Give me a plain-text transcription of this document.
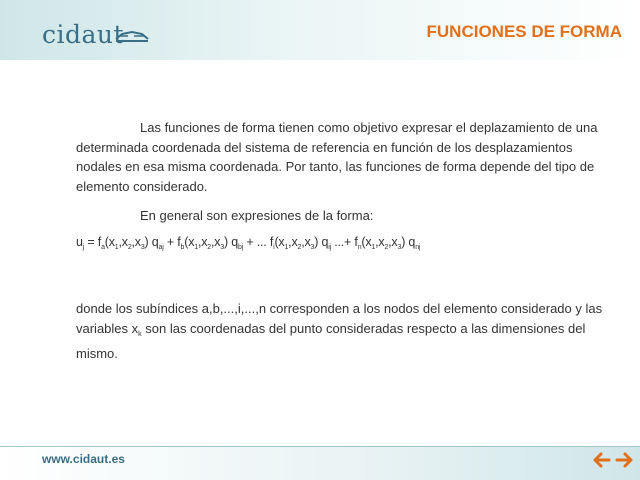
cidaut	FUNCIONES DE FORMA

Las funciones de forma tienen como objetivo expresar el deplazamiento de una determinada coordenada del sistema de referencia en función de los desplazamientos nodales en esa misma coordenada. Por tanto, las funciones de forma depende del tipo de elemento considerado.

En general son expresiones de la forma:
$u_j = f_a(x_1,x_2,x_3) q_{aj} + f_b(x_1,x_2,x_3) q_{bj}$ + ... $f_i(x_1,x_2,x_3)$ $q_{ij}$ ...+ $f_n(x_1,x_2,x_3)$ $q_{nj}$
donde los subíndices a,b,...,i,...,n corresponden a los nodos del elemento considerado y las variables $x_k$ son las coordenadas del punto consideradas respecto a las dimensiones del mismo.
www.cidaut.es
